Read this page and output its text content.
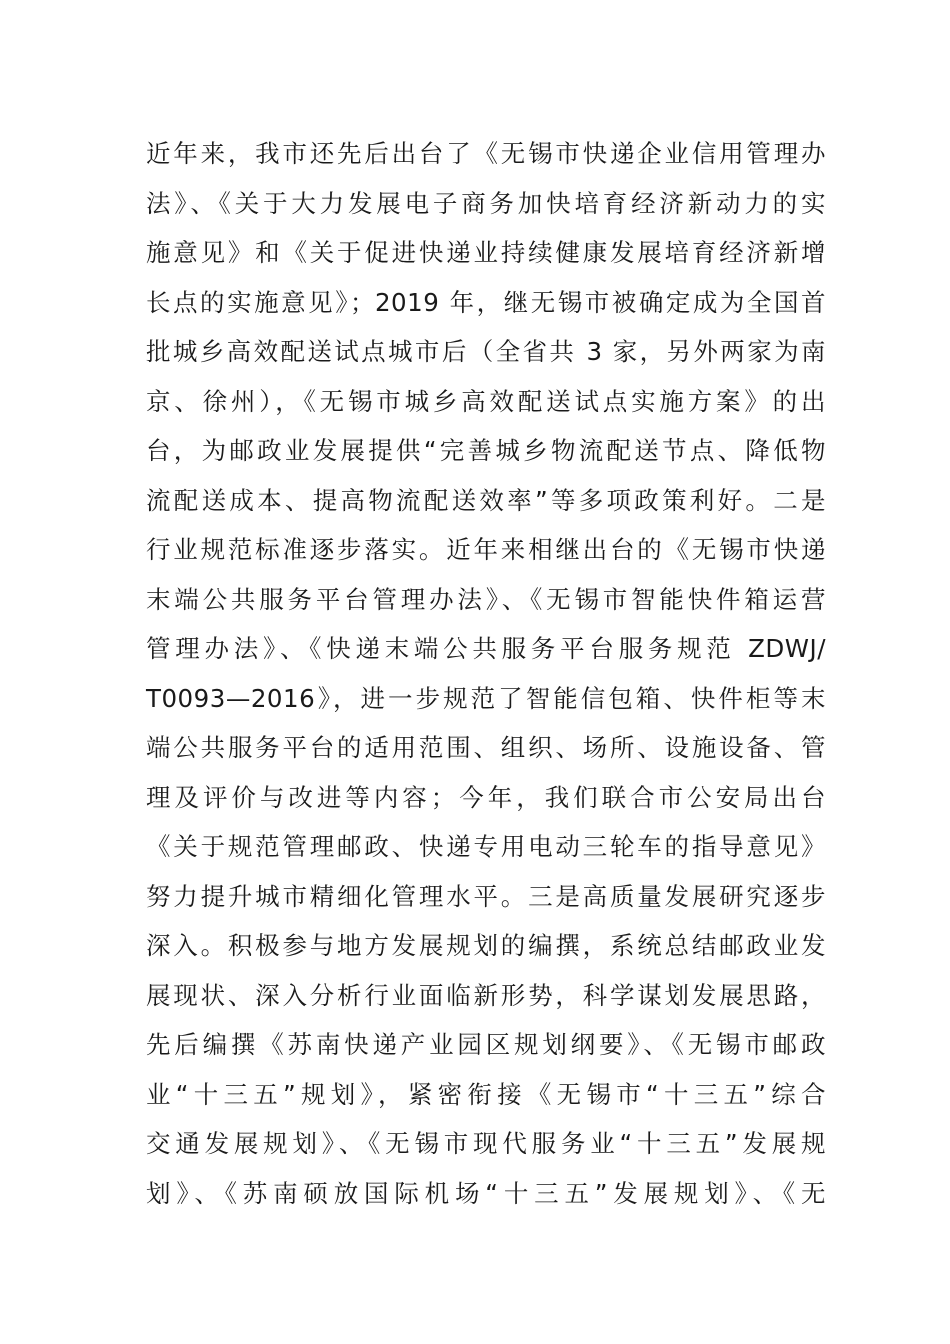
近年来，我市还先后出台了《无锡市快递企业信用管理办
法》、《关于大力发展电子商务加快培育经济新动力的实
施意见》和《关于促进快递业持续健康发展培育经济新增
长点的实施意见》；2019 年，继无锡市被确定成为全国首
批城乡高效配送试点城市后（全省共 3 家，另外两家为南
京、徐州），《无锡市城乡高效配送试点实施方案》的出
台，为邮政业发展提供“完善城乡物流配送节点、降低物
流配送成本、提高物流配送效率”等多项政策利好。二是
行业规范标准逐步落实。近年来相继出台的《无锡市快递
末端公共服务平台管理办法》、《无锡市智能快件箱运营
管理办法》、《快递末端公共服务平台服务规范 ZDWJ/
T0093—2016》，进一步规范了智能信包箱、快件柜等末
端公共服务平台的适用范围、组织、场所、设施设备、管
理及评价与改进等内容；今年，我们联合市公安局出台
《关于规范管理邮政、快递专用电动三轮车的指导意见》
努力提升城市精细化管理水平。三是高质量发展研究逐步
深入。积极参与地方发展规划的编撰，系统总结邮政业发
展现状、深入分析行业面临新形势，科学谋划发展思路，
先后编撰《苏南快递产业园区规划纲要》、《无锡市邮政
业“十三五”规划》，紧密衔接《无锡市“十三五”综合
交通发展规划》、《无锡市现代服务业“十三五”发展规
划》、《苏南硕放国际机场“十三五”发展规划》、《无
